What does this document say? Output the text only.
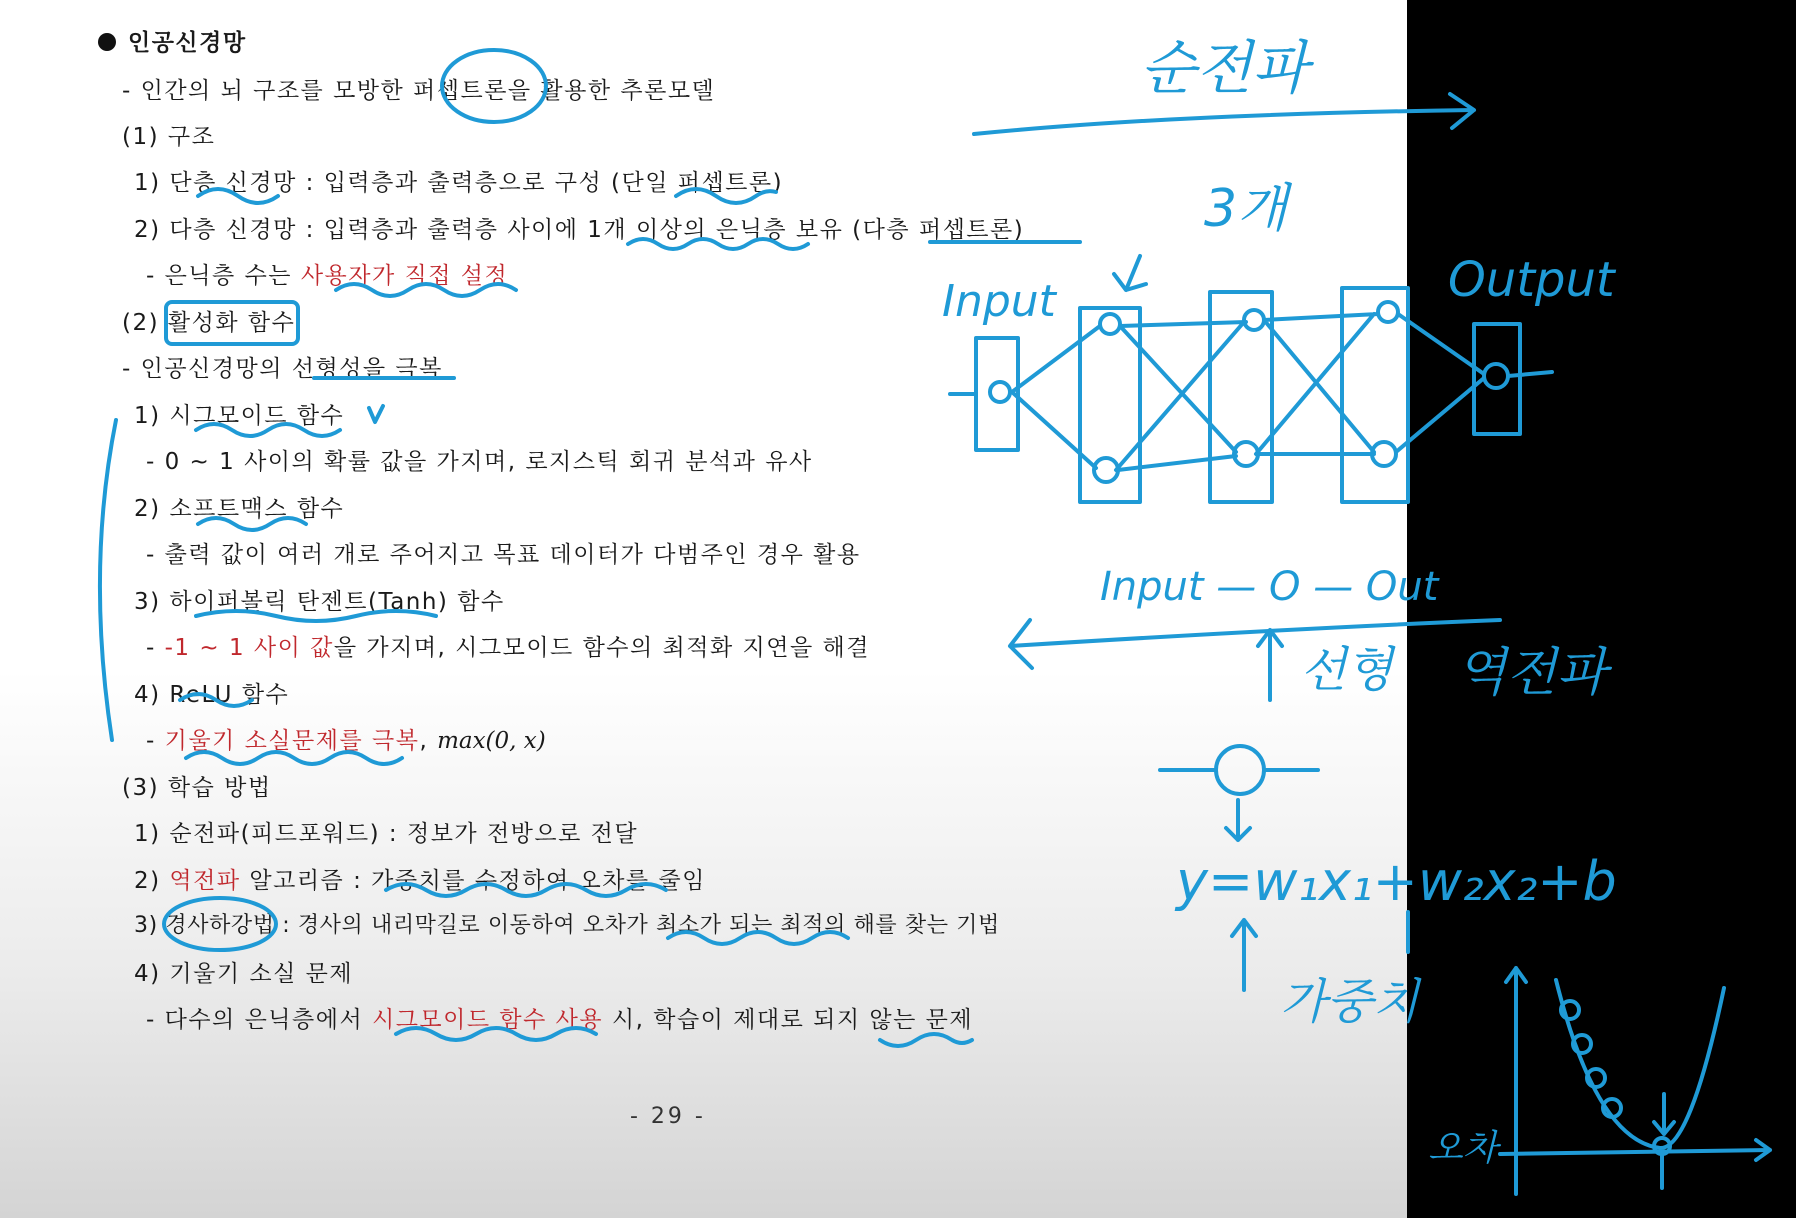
인공신경망
- 인간의 뇌 구조를 모방한 퍼셉트론을 활용한 추론모델
(1) 구조
1) 단층 신경망 : 입력층과 출력층으로 구성 (단일 퍼셉트론)
2) 다층 신경망 : 입력층과 출력층 사이에 1개 이상의 은닉층 보유 (다층 퍼셉트론)
- 은닉층 수는 사용자가 직접 설정
(2) 활성화 함수
- 인공신경망의 선형성을 극복
1) 시그모이드 함수
- 0 ~ 1 사이의 확률 값을 가지며, 로지스틱 회귀 분석과 유사
2) 소프트맥스 함수
- 출력 값이 여러 개로 주어지고 목표 데이터가 다범주인 경우 활용
3) 하이퍼볼릭 탄젠트(Tanh) 함수
- -1 ~ 1 사이 값을 가지며, 시그모이드 함수의 최적화 지연을 해결
4) ReLU 함수
- 기울기 소실문제를 극복, max(0, x)
(3) 학습 방법
1) 순전파(피드포워드) : 정보가 전방으로 전달
2) 역전파 알고리즘 : 가중치를 수정하여 오차를 줄임
3) 경사하강법 : 경사의 내리막길로 이동하여 오차가 최소가 되는 최적의 해를 찾는 기법
4) 기울기 소실 문제
- 다수의 은닉층에서 시그모이드 함수 사용 시, 학습이 제대로 되지 않는 문제
- 29 -
순전파
3개
Input	Output
Input — O — Out
역전파
선형
y=w₁x₁+w₂x₂+b
가중치
오차
